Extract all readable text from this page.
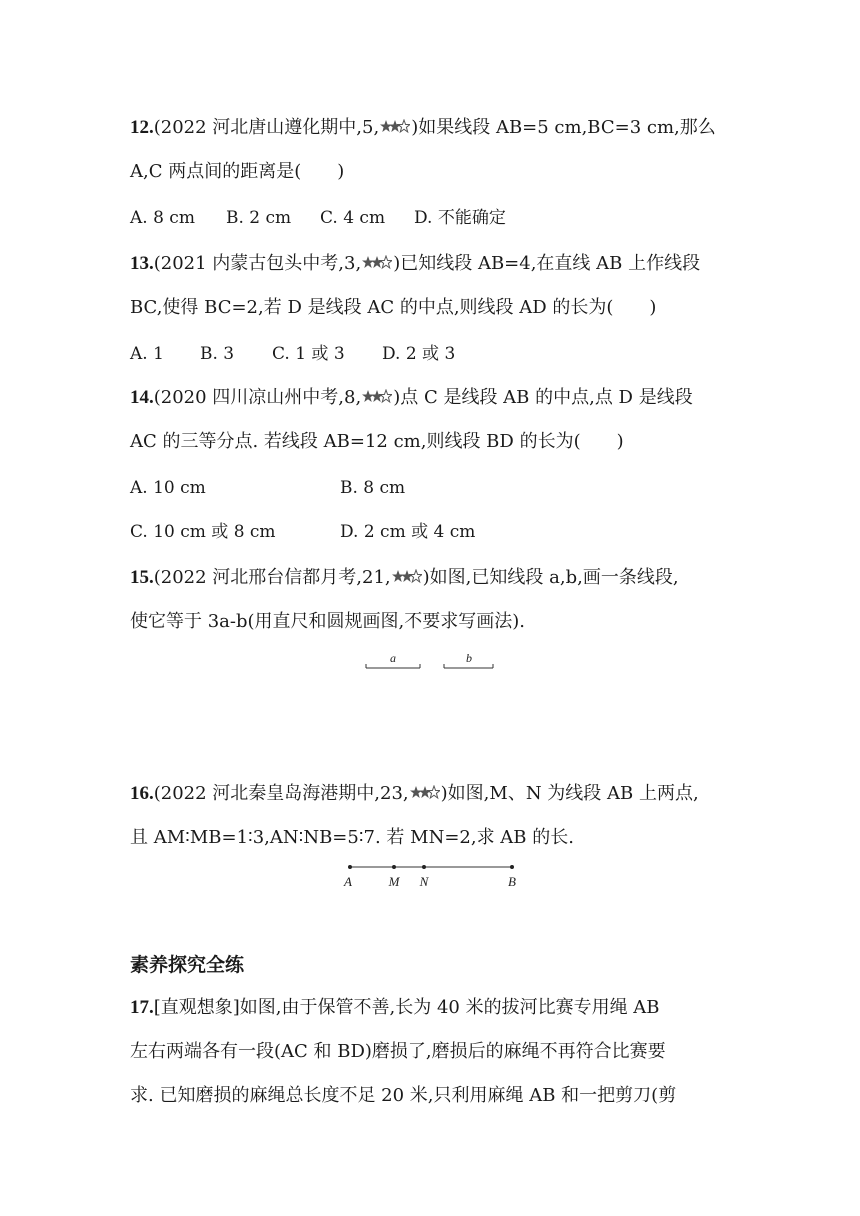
12.(2022 河北唐山遵化期中,5, )如果线段 AB=5 cm,BC=3 cm,那么
A,C 两点间的距离是(　　)
A. 8 cm B. 2 cm C. 4 cm D. 不能确定
13.(2021 内蒙古包头中考,3, )已知线段 AB=4,在直线 AB 上作线段
BC,使得 BC=2,若 D 是线段 AC 的中点,则线段 AD 的长为(　　)
A. 1 B. 3 C. 1 或 3 D. 2 或 3
14.(2020 四川凉山州中考,8, )点 C 是线段 AB 的中点,点 D 是线段
AC 的三等分点. 若线段 AB=12 cm,则线段 BD 的长为(　　)
A. 10 cm	B. 8 cm
C. 10 cm 或 8 cm	D. 2 cm 或 4 cm
15.(2022 河北邢台信都月考,21, )如图,已知线段 a,b,画一条线段,
使它等于 3a-b(用直尺和圆规画图,不要求写画法).
a	b
16.(2022 河北秦皇岛海港期中,23, )如图,M、N 为线段 AB 上两点,
且 AM∶MB=1∶3,AN∶NB=5∶7. 若 MN=2,求 AB 的长.
A	M N	B
素养探究全练
17.[直观想象]如图,由于保管不善,长为 40 米的拔河比赛专用绳 AB
左右两端各有一段(AC 和 BD)磨损了,磨损后的麻绳不再符合比赛要
求. 已知磨损的麻绳总长度不足 20 米,只利用麻绳 AB 和一把剪刀(剪
